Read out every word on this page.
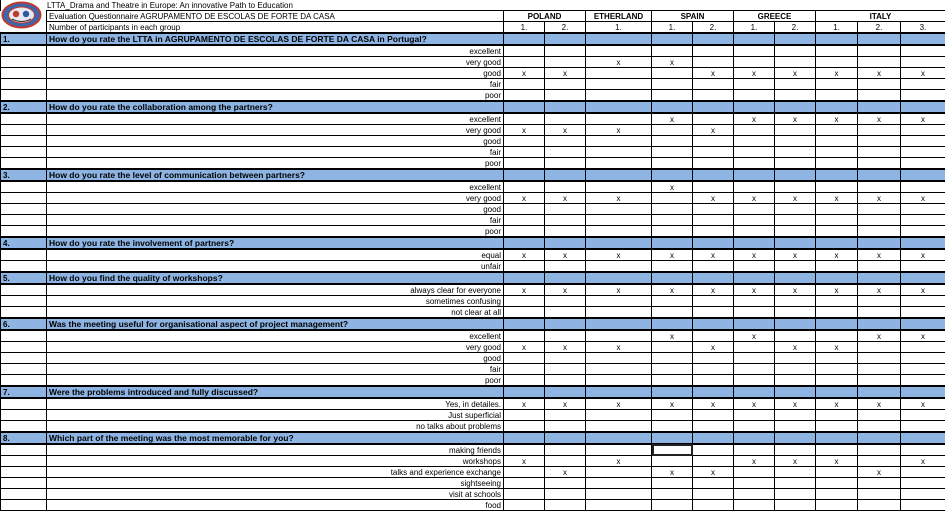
LTTA_Drama and Theatre in Europe: An innovative Path to Education											
	Evaluation Questionnaire AGRUPAMENTO DE ESCOLAS DE FORTE DA CASA	POLAND		ETHERLAND	SPAIN		GREECE		ITALY		
	Number of participants in each group	1.	2.	1.	1.	2.	1.	2.	1.	2.	3.
1.	How do you rate the LTTA in AGRUPAMENTO DE ESCOLAS DE FORTE DA CASA in Portugal?										
	excellent										
	very good			x	x						
	good	x	x			x	x	x	x	x	x
	fair										
	poor										
2.	How do you rate the collaboration among the partners?										
	excellent				x		x	x	x	x	x
	very good	x	x	x		x					
	good										
	fair										
	poor										
3.	How do you rate the level of communication between partners?										
	excellent				x						
	very good	x	x	x		x	x	x	x	x	x
	good										
	fair										
	poor										
4.	How do you rate the involvement of partners?										
	equal	x	x	x	x	x	x	x	x	x	x
	unfair										
5.	How do you find the quality of workshops?										
	always clear for everyone	x	x	x	x	x	x	x	x	x	x
	sometimes confusing										
	not clear at all										
6.	Was the meeting useful for organisational aspect of project management?										
	excellent				x		x			x	x
	very good	x	x	x		x		x	x		
	good										
	fair										
	poor										
7.	Were the problems introduced and fully discussed?										
	Yes, in detailes.	x	x	x	x	x	x	x	x	x	x
	Just superficial										
	no talks about problems										
8.	Which part of the meeting was the most memorable for you?										
	making friends										
	workshops	x		x			x	x	x		x
	talks and experience exchange		x		x	x				x	
	sightseeing										
	visit at schools										
	food										
